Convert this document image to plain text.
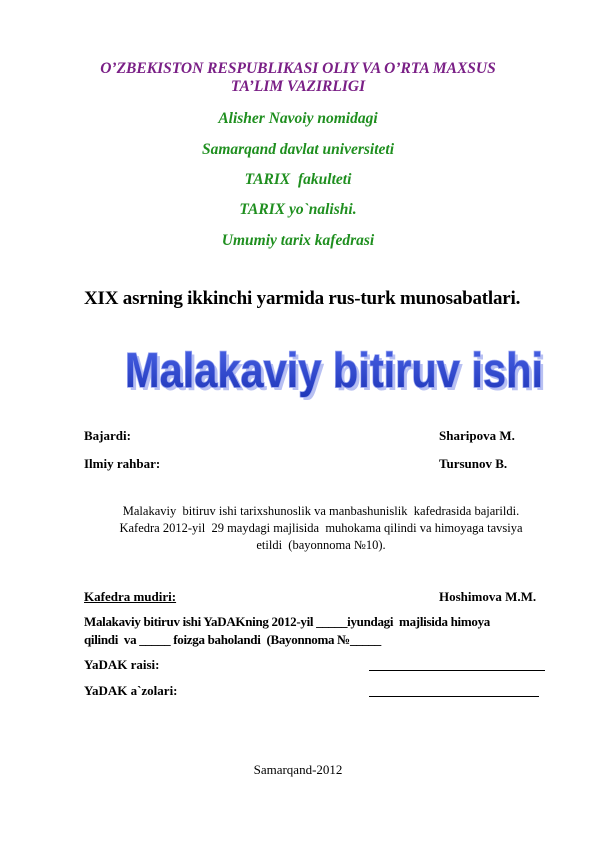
O’ZBEKISTON RESPUBLIKASI OLIY VA O’RTA MAXSUS
TA’LIM VAZIRLIGI
Alisher Navoiy nomidagi
Samarqand davlat universiteti
TARIX  fakulteti
TARIX yo`nalishi.
Umumiy tarix kafedrasi
XIX asrning ikkinchi yarmida rus-turk munosabatlari.
Malakaviy bitiruv ishi
Malakaviy bitiruv ishi
Bajardi:	Sharipova M.
Ilmiy rahbar:	Tursunov B.
Malakaviy  bitiruv ishi tarixshunoslik va manbashunislik  kafedrasida bajarildi.
Kafedra 2012-yil  29 maydagi majlisida  muhokama qilindi va himoyaga tavsiya
etildi  (bayonnoma №10).
Kafedra mudiri:	Hoshimova M.M.
Malakaviy bitiruv ishi YaDAKning 2012-yil _____iyundagi  majlisida himoya
qilindi  va _____ foizga baholandi  (Bayonnoma №_____
YaDAK raisi:
YaDAK a`zolari:
Samarqand-2012
